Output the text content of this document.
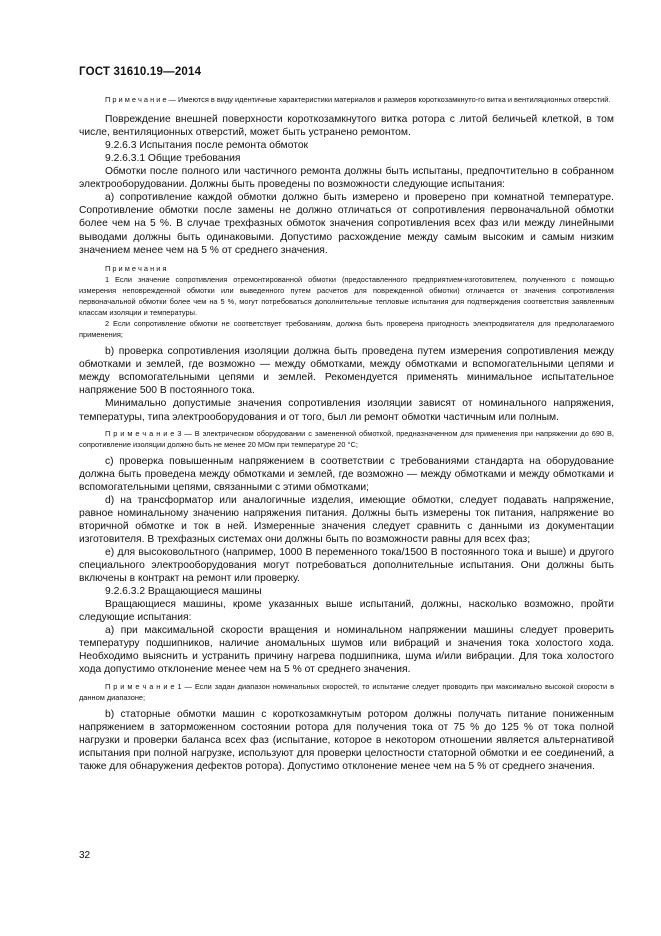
ГОСТ 31610.19—2014

П р и м е ч а н и е — Имеются в виду идентичные характеристики материалов и размеров короткозамкнуто-го витка и вентиляционных отверстий.

Повреждение внешней поверхности короткозамкнутого витка ротора с литой беличьей клеткой, в том числе, вентиляционных отверстий, может быть устранено ремонтом.

9.2.6.3 Испытания после ремонта обмоток

9.2.6.3.1 Общие требования

Обмотки после полного или частичного ремонта должны быть испытаны, предпочтительно в собранном электрооборудовании. Должны быть проведены по возможности следующие испытания:

a) сопротивление каждой обмотки должно быть измерено и проверено при комнатной температуре. Сопротивление обмотки после замены не должно отличаться от сопротивления первоначальной обмотки более чем на 5 %. В случае трехфазных обмоток значения сопротивления всех фаз или между линейными выводами должны быть одинаковыми. Допустимо расхождение между самым высоким и самым низким значением менее чем на 5 % от среднего значения.

П р и м е ч а н и я

1 Если значение сопротивления отремонтированной обмотки (предоставленного предприятием-изготовителем, полученного с помощью измерения неповрежденной обмотки или выведенного путем расчетов для поврежденной обмотки) отличается от значения сопротивления первоначальной обмотки более чем на 5 %, могут потребоваться дополнительные тепловые испытания для подтверждения соответствия заявленным классам изоляции и температуры.

2 Если сопротивление обмотки не соответствует требованиям, должна быть проверена пригодность электродвигателя для предполагаемого применения;

b) проверка сопротивления изоляции должна быть проведена путем измерения сопротивления между обмотками и землей, где возможно — между обмотками, между обмотками и вспомогательными цепями и между вспомогательными цепями и землей. Рекомендуется применять минимальное испытательное напряжение 500 В постоянного тока.

Минимально допустимые значения сопротивления изоляции зависят от номинального напряжения, температуры, типа электрооборудования и от того, был ли ремонт обмотки частичным или полным.

П р и м е ч а н и е 3 — В электрическом оборудовании с замененной обмоткой, предназначенном для применения при напряжении до 690 В, сопротивление изоляции должно быть не менее 20 МОм при температуре 20 °С;

c) проверка повышенным напряжением в соответствии с требованиями стандарта на оборудование должна быть проведена между обмотками и землей, где возможно — между обмотками и между обмотками и вспомогательными цепями, связанными с этими обмотками;

d) на трансформатор или аналогичные изделия, имеющие обмотки, следует подавать напряжение, равное номинальному значению напряжения питания. Должны быть измерены ток питания, напряжение во вторичной обмотке и ток в ней. Измеренные значения следует сравнить с данными из документации изготовителя. В трехфазных системах они должны быть по возможности равны для всех фаз;

e) для высоковольтного (например, 1000 В переменного тока/1500 В постоянного тока и выше) и другого специального электрооборудования могут потребоваться дополнительные испытания. Они должны быть включены в контракт на ремонт или проверку.

9.2.6.3.2 Вращающиеся машины

Вращающиеся машины, кроме указанных выше испытаний, должны, насколько возможно, пройти следующие испытания:

a) при максимальной скорости вращения и номинальном напряжении машины следует проверить температуру подшипников, наличие аномальных шумов или вибраций и значения тока холостого хода. Необходимо выяснить и устранить причину нагрева подшипника, шума и/или вибрации. Для тока холостого хода допустимо отклонение менее чем на 5 % от среднего значения.

П р и м е ч а н и е 1 — Если задан диапазон номинальных скоростей, то испытание следует проводить при максимально высокой скорости в данном диапазоне;

b) статорные обмотки машин с короткозамкнутым ротором должны получать питание пониженным напряжением в заторможенном состоянии ротора для получения тока от 75 % до 125 % от тока полной нагрузки и проверки баланса всех фаз (испытание, которое в некотором отношении является альтернативой испытания при полной нагрузке, используют для проверки целостности статорной обмотки и ее соединений, а также для обнаружения дефектов ротора). Допустимо отклонение менее чем на 5 % от среднего значения.

32
